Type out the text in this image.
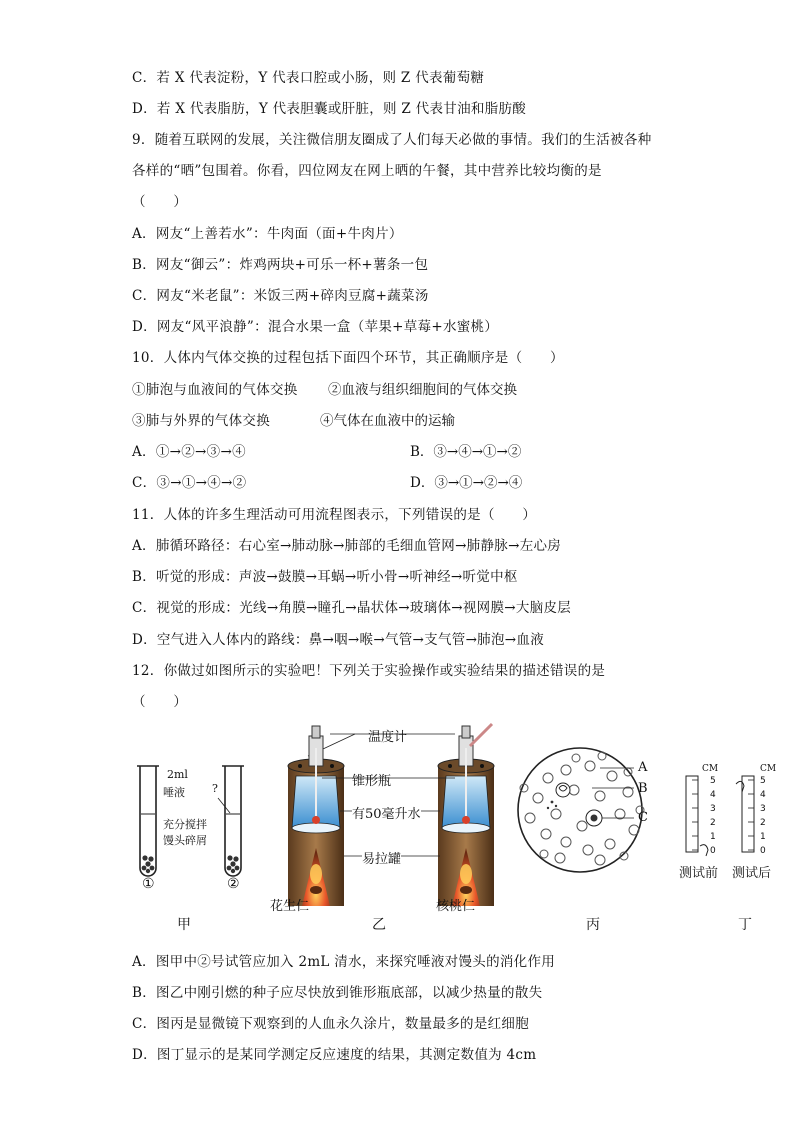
C．若 X 代表淀粉，Y 代表口腔或小肠，则 Z 代表葡萄糖
D．若 X 代表脂肪，Y 代表胆囊或肝脏，则 Z 代表甘油和脂肪酸
9．随着互联网的发展，关注微信朋友圈成了人们每天必做的事情。我们的生活被各种
各样的“晒”包围着。你看，四位网友在网上晒的午餐，其中营养比较均衡的是
（　　）
A．网友“上善若水”：牛肉面（面+牛肉片）
B．网友“御云”：炸鸡两块+可乐一杯+薯条一包
C．网友“米老鼠”：米饭三两+碎肉豆腐+蔬菜汤
D．网友“风平浪静”：混合水果一盒（苹果+草莓+水蜜桃）
10．人体内气体交换的过程包括下面四个环节，其正确顺序是（　　）
①肺泡与血液间的气体交换 ②血液与组织细胞间的气体交换
③肺与外界的气体交换	④气体在血液中的运输
A．①→②→③→④	B．③→④→①→②
C．③→①→④→②	D．③→①→②→④
11．人体的许多生理活动可用流程图表示，下列错误的是（　　）
A．肺循环路径：右心室→肺动脉→肺部的毛细血管网→肺静脉→左心房
B．听觉的形成：声波→鼓膜→耳蜗→听小骨→听神经→听觉中枢
C．视觉的形成：光线→角膜→瞳孔→晶状体→玻璃体→视网膜→大脑皮层
D．空气进入人体内的路线：鼻→咽→喉→气管→支气管→肺泡→血液
12．你做过如图所示的实验吧！下列关于实验操作或实验结果的描述错误的是
（　　）
2ml
唾液 ?
充分搅拌
馒头碎屑
①	②
甲
温度计
锥形瓶
有50毫升水
易拉罐
花生仁	核桃仁
乙
A
B
C
丙
CM	CM
5
4
3
2
1
0
5
4
3
2
1
0
测试前 测试后
丁
A．图甲中②号试管应加入 2mL 清水，来探究唾液对馒头的消化作用
B．图乙中刚引燃的种子应尽快放到锥形瓶底部，以减少热量的散失
C．图丙是显微镜下观察到的人血永久涂片，数量最多的是红细胞
D．图丁显示的是某同学测定反应速度的结果，其测定数值为 4cm
